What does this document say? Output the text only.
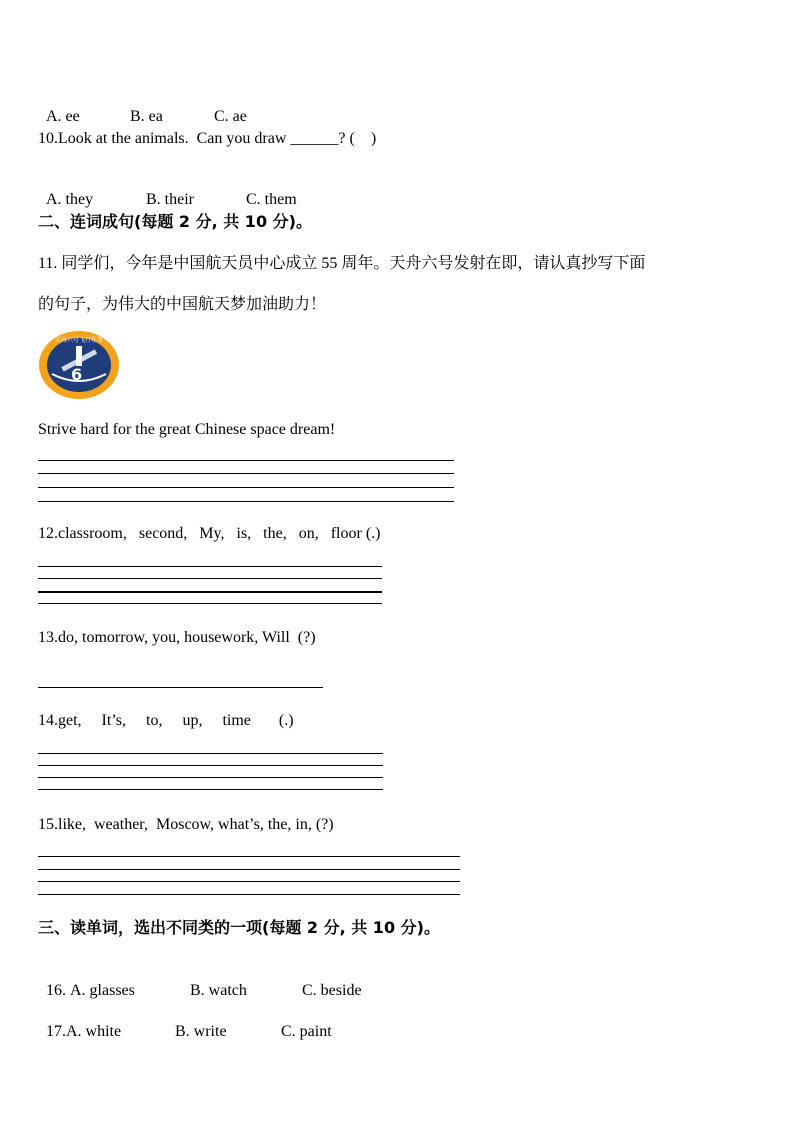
A. ee	B. ea	C. ae

10.Look at the animals.  Can you draw ______? (    )

A. they	B. their	C. them

二、连词成句(每题 2 分, 共 10 分)。
11. 同学们，今年是中国航天员中心成立 55 周年。天舟六号发射在即，请认真抄写下面
的句子，为伟大的中国航天梦加油助力！
6
天舟六号飞行任务
Strive hard for the great Chinese space dream!
12.classroom,   second,   My,   is,   the,   on,   floor (.)
13.do, tomorrow, you, housework, Will  (?)
14.get,     It’s,     to,     up,     time       (.)
15.like,  weather,  Moscow, what’s, the, in, (?)
三、读单词，选出不同类的一项(每题 2 分, 共 10 分)。

16. A. glasses	B. watch	C. beside

17.A. white	B. write	C. paint
